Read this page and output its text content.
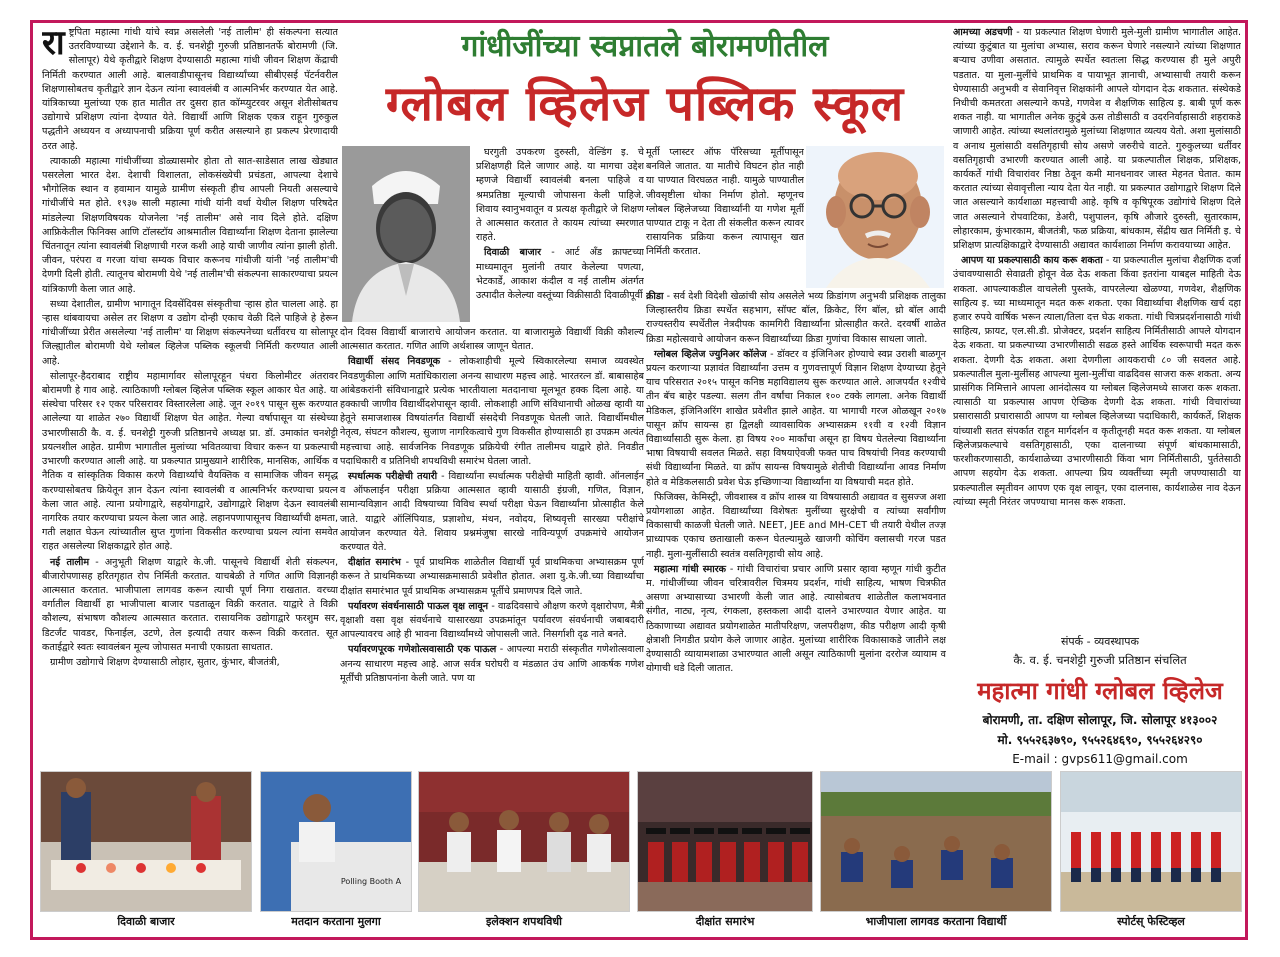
गांधीजींच्या स्वप्नातले बोरामणीतील
ग्लोबल व्हिलेज पब्लिक स्कूल

राष्ट्रपिता महात्मा गांधी यांचे स्वप्न असलेली 'नई तालीम' ही संकल्पना सत्यात उतरविण्याच्या उद्देशाने कै. व. ई. चनशेट्टी गुरुजी प्रतिष्ठानतर्फे बोरामणी (जि. सोलापूर) येथे कृतीद्वारे शिक्षण देण्यासाठी महात्मा गांधी जीवन शिक्षण केंद्राची निर्मिती करण्यात आली आहे. बालवाडीपासूनच विद्यार्थ्यांच्या सीबीएसई पॅटर्नवरील शिक्षणासोबतच कृतीद्वारे ज्ञान देऊन त्यांना स्वावलंबी व आत्मनिर्भर करण्यात येत आहे. यांत्रिकाच्या मुलांच्या एक हात मातीत तर दुसरा हात कॉम्प्युटरवर असून शेतीसोबतच उद्योगाचे प्रशिक्षण त्यांना देण्यात येते. विद्यार्थी आणि शिक्षक एकत्र राहून गुरुकुल पद्धतीने अध्ययन व अध्यापनाची प्रक्रिया पूर्ण करीत असल्याने हा प्रकल्प प्रेरणादायी ठरत आहे.

त्याकाळी महात्मा गांधीजींच्या डोळ्यासमोर होता तो सात-साडेसात लाख खेड्यात पसरलेला भारत देश. देशाची विशालता, लोकसंख्येची प्रचंडता, आपल्या देशाचे भौगोलिक स्थान व हवामान यामुळे ग्रामीण संस्कृती हीच आपली नियती असल्याचे गांधीजींचे मत होते. १९३७ साली महात्मा गांधी यांनी वर्धा येथील शिक्षण परिषदेत मांडलेल्या शिक्षणविषयक योजनेला 'नई तालीम' असे नाव दिले होते. दक्षिण आफ्रिकेतील फिनिक्स आणि टॉलस्टॉय आश्रमातील विद्यार्थ्यांना शिक्षण देताना झालेल्या चिंतनातून त्यांना स्वावलंबी शिक्षणाची गरज कशी आहे याची जाणीव त्यांना झाली होती. जीवन, परंपरा व गरजा यांचा सम्यक विचार करूनच गांधीजी यांनी 'नई तालीम'ची देणगी दिली होती. त्यातूनच बोरामणी येथे 'नई तालीम'ची संकल्पना साकारण्याचा प्रयत्न यांत्रिकाणी केला जात आहे.

सध्या देशातील, ग्रामीण भागातून दिवसेंदिवस संस्कृतीचा ऱ्हास होत चालला आहे. हा ऱ्हास थांबवायचा असेल तर शिक्षण व उद्योग दोन्ही एकाच वेळी दिले पाहिजे हे हेरून गांधीजींच्या प्रेरीत असलेल्या 'नई तालीम' या शिक्षण संकल्पनेच्या धर्तीवरच या सोलापूर जिल्ह्यातील बोरामणी येथे ग्लोबल व्हिलेज पब्लिक स्कूलची निर्मिती करण्यात आली आहे.

सोलापूर-हैदराबाद राष्ट्रीय महामार्गावर सोलापूरहून पंधरा किलोमीटर अंतरावर बोरामणी हे गाव आहे. त्याठिकाणी ग्लोबल व्हिलेज पब्लिक स्कूल आकार घेत आहे. या संस्थेचा परिसर १२ एकर परिसरावर विस्तारलेला आहे. जून २०१९ पासून सुरू करण्यात आलेल्या या शाळेत २७० विद्यार्थी शिक्षण घेत आहेत. गेल्या वर्षापासून या संस्थेच्या उभारणीसाठी कै. व. ई. चनशेट्टी गुरुजी प्रतिष्ठानचे अध्यक्ष प्रा. डॉ. उमाकांत चनशेट्टी प्रयत्नशील आहेत. ग्रामीण भागातील मुलांच्या भवितव्याचा विचार करून या प्रकल्पाची उभारणी करण्यात आली आहे. या प्रकल्पात प्रामुख्याने शारीरिक, मानसिक, आर्थिक व नैतिक व सांस्कृतिक विकास करणे विद्यार्थ्यांचे वैयक्तिक व सामाजिक जीवन समृद्ध करण्यासोबतच क्रियेतून ज्ञान देऊन त्यांना स्वावलंबी व आत्मनिर्भर करण्याचा प्रयत्न केला जात आहे. त्याना प्रयोगाद्वारे, सहयोगाद्वारे, उद्योगाद्वारे शिक्षण देऊन स्वावलंबी नागरिक तयार करण्याचा प्रयत्न केला जात आहे. लहानपणापासूनच विद्यार्थ्यांची क्षमता, गती लक्षात घेऊन त्यांच्यातील सुप्त गुणांना विकसीत करण्याचा प्रयत्न त्यांना समवेत राहत असलेल्या शिक्षकाद्वारे होत आहे.

नई तालीम - अनुभूती शिक्षण याद्वारे के.जी. पासूनचे विद्यार्थी शेती संकल्पन, बीजारोपणासह हरितगृहात रोप निर्मिती करतात. याचबेळी ते गणित आणि विज्ञानही आत्मसात करतात. भाजीपाला लागवड करून त्याची पूर्ण निगा राखतात. वरच्या वर्गातील विद्यार्थी हा भाजीपाला बाजार पडताळून विक्री करतात. याद्वारे ते विक्री कौशल्य, संभाषण कौशल्य आत्मसात करतात. रासायनिक उद्योगाद्वारे फरशुम सर, डिटर्जंट पावडर, फिनाईल, उटणे, तेल इत्यादी तयार करून विक्री करतात. सूत कताईद्वारे स्वतः स्वावलंबन मूल्य जोपासत मनाची एकाग्रता साधतात.

ग्रामीण उद्योगाचे शिक्षण देण्यासाठी लोहार, सुतार, कुंभार, बीजतंत्री,

घरगुती उपकरण दुरुस्ती, वेल्डिंग इ. चे प्रशिक्षणही दिले जाणार आहे. या मागचा उद्देश म्हणजे विद्यार्थी स्वावलंबी बनला पाहिजे व श्रमप्रतिष्ठा मूल्याची जोपासना केली पाहिजे. शिवाय स्वानुभवातून व प्रत्यक्ष कृतीद्वारे जे शिक्षण ते आत्मसात करतात ते कायम त्यांच्या स्मरणात राहते.

दिवाळी बाजार - आर्ट अँड क्राफ्टच्या माध्यमातून मुलांनी तयार केलेल्या पणत्या, भेटकार्डे, आकाश कंदील व नई तालीम अंतर्गत उत्पादीत केलेल्या वस्तूंच्या विक्रीसाठी दिवाळीपूर्वी

दोन दिवस विद्यार्थी बाजाराचे आयोजन करतात. या बाजारामुळे विद्यार्थी विक्री कौशल्य आत्मसात करतात. गणित आणि अर्थशास्त्र जाणून घेतात.

विद्यार्थी संसद निवडणूक - लोकशाहीची मूल्ये स्विकारलेल्या समाज व्यवस्थेत निवडणुकीला आणि मतांधिकाराला अनन्य साधारण महत्त्व आहे. भारतरत्न डॉ. बाबासाहेब आंबेडकरांनी संविधानाद्वारे प्रत्येक भारतीयाला मतदानाचा मूलभूत हक्क दिला आहे. या हक्काची जाणीव विद्यार्थीदशेपासून व्हावी. लोकशाही आणि संविधानाची ओळख व्हावी या हेतूने समाजशास्त्र विषयांतर्गत विद्यार्थी संसदेची निवडणूक घेतली जाते. विद्यार्थीमधील नेतृत्व, संघटन कौशल्य, सुजाण नागरिकत्वाचे गुण विकसीत होण्यासाठी हा उपक्रम अत्यंत महत्त्वाचा आहे. सार्वजनिक निवडणूक प्रक्रियेची रंगीत तालीमच याद्वारे होते. निवडीत पदाधिकारी व प्रतिनिधी शपथविधी समारंभ घेतला जातो.

स्पर्धात्मक परीक्षेची तयारी - विद्यार्थ्यांना स्पर्धात्मक परीक्षेची माहिती व्हावी. ऑनलाईन व ऑफलाईन परीक्षा प्रक्रिया आत्मसात व्हावी यासाठी इंग्रजी, गणित, विज्ञान, सामान्यविज्ञान आदी विषयाच्या विविध स्पर्धा परीक्षा घेऊन विद्यार्थ्यांना प्रोत्साहीत केले जाते. याद्वारे ऑलिंपियाड, प्रज्ञाशोध, मंथन, नवोदय, शिष्यवृत्ती सारख्या परीक्षांचे आयोजन करण्यात येते. शिवाय प्रश्नमंजुषा सारखे नाविन्यपूर्ण उपक्रमांचे आयोजन करण्यात येते.

दीक्षांत समारंभ - पूर्व प्राथमिक शाळेतील विद्यार्थी पूर्व प्राथमिकचा अभ्यासक्रम पूर्ण करून ते प्राथमिकच्या अभ्यासक्रमासाठी प्रवेशीत होतात. अशा यु.के.जी.च्या विद्यार्थ्यांचा दीक्षांत समारंभात पूर्व प्राथमिक अभ्यासक्रम पूर्तीचे प्रमाणपत्र दिले जाते.

पर्यावरण संवर्धनासाठी पाऊल वृक्ष लावून - वाढदिवसाचे औक्षण करणे वृक्षारोपण, मैत्री वृक्षाशी वसा वृक्ष संवर्धनाचे यासारख्या उपक्रमांतून पर्यावरण संवर्धनाची जबाबदारी आपल्यावरच आहे ही भावना विद्यार्थ्यांमध्ये जोपासली जाते. निसर्गाशी दृढ नाते बनते.

पर्यावरणपूरक गणेशोत्सवासाठी एक पाऊल - आपल्या मराठी संस्कृतीत गणेशोत्सवाला अनन्य साधारण महत्त्व आहे. आज सर्वत्र घरोघरी व मंडळात उंच आणि आकर्षक गणेश मूर्तींची प्रतिष्ठापनांना केली जाते. पण या

मूर्ती प्लास्टर ऑफ पॅरिसच्या मूर्तीपासून बनविले जातात. या मातीचे विघटन होत नाही या पाण्यात विरघळत नाही. यामुळे पाण्यातील जीवसृष्टीला धोका निर्माण होतो. म्हणूनच ग्लोबल व्हिलेजच्या विद्यार्थ्यांनी या गणेश मूर्ती पाण्यात टाकू न देता ती संकलीत करून त्यावर रासायनिक प्रक्रिया करून त्यापासून खत निर्मिती करतात.

क्रीडा - सर्व देशी विदेशी खेळांची सोय असलेले भव्य क्रिडांगण अनुभवी प्रशिक्षक तालुका जिल्हास्तरीय क्रिडा स्पर्धेत सहभाग, सॉफ्ट बॉल, क्रिकेट, रिंग बॉल, थ्रो बॉल आदी राज्यस्तरीय स्पर्धेतील नेत्रदीपक कामगिरी विद्यार्थ्यांना प्रोत्साहीत करते. दरवर्षी शाळेत क्रिडा महोत्सवाचे आयोजन करून विद्यार्थ्यांच्या क्रिडा गुणांचा विकास साधला जातो.

ग्लोबल व्हिलेज ज्युनिअर कॉलेज - डॉक्टर व इंजिनिअर होण्याचे स्वप्न उराशी बाळगून प्रयत्न करणाऱ्या प्रज्ञावंत विद्यार्थ्यांना उत्तम व गुणवत्तापूर्ण विज्ञान शिक्षण देण्याच्या हेतूने याच परिसरात २०१५ पासून कनिष्ठ महाविद्यालय सुरू करण्यात आले. आजपर्यंत १२वीचे तीन बॅच बाहेर पडल्या. सलग तीन वर्षांचा निकाल १०० टक्के लागला. अनेक विद्यार्थी मेडिकल, इंजिनिअरिंग शाखेत प्रवेशीत झाले आहेत. या भागाची गरज ओळखून २०१७ पासून क्रॉप सायन्स हा द्विलक्षी व्यावसायिक अभ्यासक्रम ११वी व १२वी विज्ञान विद्यार्थ्यांसाठी सुरू केला. हा विषय २०० मार्कांचा असून हा विषय घेतलेल्या विद्यार्थ्यांना भाषा विषयाची सवलत मिळते. सहा विषयाऐवजी फक्त पाच विषयांची निवड करण्याची संधी विद्यार्थ्यांना मिळते. या क्रॉप सायन्स विषयामुळे शेतीची विद्यार्थ्यांना आवड निर्माण होते व मेडिकलसाठी प्रवेश घेऊ इच्छिणाऱ्या विद्यार्थ्यांना या विषयाची मदत होते.

फिजिक्स, केमिस्ट्री, जीवशास्त्र व क्रॉप शास्त्र या विषयासाठी अद्यावत व सुसज्ज अशा प्रयोगशाळा आहेत. विद्यार्थ्यांच्या विशेषतः मुलींच्या सुरक्षेची व त्यांच्या सर्वांगीण विकासाची काळजी घेतली जाते. NEET, JEE and MH-CET ची तयारी येथील तज्ज्ञ प्राध्यापक एकाच छताखाली करून घेतल्यामुळे खाजगी कोचिंग क्लासची गरज पडत नाही. मुला-मुलींसाठी स्वतंत्र वसतिगृहाची सोय आहे.

महात्मा गांधी स्मारक - गांधी विचारांचा प्रचार आणि प्रसार व्हावा म्हणून गांधी कुटीत म. गांधीजींच्या जीवन चरित्रावरील चित्रमय प्रदर्शन, गांधी साहित्य, भाषण चित्रफीत असणा अभ्यासाच्या उभारणी केली जात आहे. त्यासोबतच शाळेतील कलाभवनात संगीत, नाट्य, नृत्य, रंगकला, हस्तकला आदी दालने उभारण्यात येणार आहेत. या ठिकाणाच्या अद्यावत प्रयोगशाळेत मातीपरिक्षण, जलपरीक्षण, कीड परीक्षण आदी कृषी क्षेत्राशी निगडीत प्रयोग केले जाणार आहेत. मुलांच्या शारीरिक विकासाकडे जातीने लक्ष देण्यासाठी व्यायामशाळा उभारण्यात आली असून त्याठिकाणी मुलांना दररोज व्यायाम व योगाची धडे दिली जातात.

आमच्या अडचणी - या प्रकल्पात शिक्षण घेणारी मुले-मुली ग्रामीण भागातील आहेत. त्यांच्या कुटुंबात या मुलांचा अभ्यास, सराव करून घेणारे नसल्याने त्यांच्या शिक्षणात बऱ्याच उणीवा असतात. त्यामुळे स्पर्धेत स्वतःला सिद्ध करण्यास ही मुले अपुरी पडतात. या मुला-मुलींचे प्राथमिक व पायाभूत ज्ञानाची, अभ्यासाची तयारी करून घेण्यासाठी अनुभवी व सेवानिवृत्त शिक्षकांनी आपले योगदान देऊ शकतात. संस्थेकडे निधीची कमतरता असल्याने कपडे, गणवेश व शैक्षणिक साहित्य इ. बाबी पूर्ण करू शकत नाही. या भागातील अनेक कुटुंबे ऊस तोडीसाठी व उदरनिर्वाहासाठी शहराकडे जाणारी आहेत. त्यांच्या स्थलांतरामुळे मुलांच्या शिक्षणात व्यत्यय येतो. अशा मुलांसाठी व अनाथ मुलांसाठी वसतिगृहाची सोय असणे जरुरीचे वाटते. गुरुकुलच्या धर्तीवर वसतिगृहाची उभारणी करण्यात आली आहे. या प्रकल्पातील शिक्षक, प्रशिक्षक, कार्यकर्ते गांधी विचारांवर निष्ठा ठेवून कमी मानधनावर जास्त मेहनत घेतात. काम करतात त्यांच्या सेवावृत्तीला न्याय देता येत नाही. या प्रकल्पात उद्योगाद्वारे शिक्षण दिले जात असल्याने कार्यशाळा महत्त्वाची आहे. कृषि व कृषिपूरक उद्योगांचे शिक्षण दिले जात असल्याने रोपवाटिका, डेअरी, पशुपालन, कृषि औजारे दुरुस्ती, सुतारकाम, लोहारकाम, कुंभारकाम, बीजतंत्री, फळ प्रक्रिया, बांधकाम, सेंद्रीय खत निर्मिती इ. चे प्रशिक्षण प्रात्यक्षिकाद्वारे देण्यासाठी अद्यावत कार्यशाळा निर्माण करावयाच्या आहेत.

आपण या प्रकल्पासाठी काय करू शकता - या प्रकल्पातील मुलांचा शैक्षणिक दर्जा उंचावण्यासाठी सेवाव्रती होवून वेळ देऊ शकता किंवा इतरांना याबद्दल माहिती देऊ शकता. आपल्याकडील वाचलेली पुस्तके, वापरलेल्या खेळण्या, गणवेश, शैक्षणिक साहित्य इ. च्या माध्यमातून मदत करू शकता. एका विद्यार्थ्याचा शैक्षणिक खर्च दहा हजार रुपये वार्षिक भरून त्याला/तिला दत्त घेऊ शकता. गांधी चित्रप्रदर्शनासाठी गांधी साहित्य, फ्रायट, एल.सी.डी. प्रोजेक्टर, प्रदर्शन साहित्य निर्मितीसाठी आपले योगदान देऊ शकता. या प्रकल्पाच्या उभारणीसाठी सढळ हस्ते आर्थिक स्वरूपाची मदत करू शकता. देणगी देऊ शकता. अशा देणगीला आयकराची ८० जी सवलत आहे. प्रकल्पातील मुला-मुलींसह आपल्या मुला-मुलींचा वाढदिवस साजरा करू शकता. अन्य प्रासंगिक निमित्ताने आपला आनंदोत्सव या ग्लोबल व्हिलेजमध्ये साजरा करू शकता. त्यासाठी या प्रकल्पास आपण ऐच्छिक देणगी देऊ शकता. गांधी विचारांच्या प्रसारासाठी प्रचारासाठी आपण या ग्लोबल व्हिलेजच्या पदाधिकारी, कार्यकर्ते, शिक्षक यांच्याशी सतत संपर्कात राहून मार्गदर्शन व कृतीतूनही मदत करू शकता. या ग्लोबल व्हिलेजप्रकल्पाचे वसतिगृहासाठी, एका दालनाच्या संपूर्ण बांधकामासाठी, फरशीकरणासाठी, कार्यशाळेच्या उभारणीसाठी किंवा भाग निर्मितीसाठी, पुर्ततेसाठी आपण सहयोग देऊ शकता. आपल्या प्रिय व्यक्तींच्या स्मृती जपण्यासाठी या प्रकल्पातील स्मृतीवन आपण एक वृक्ष लावून, एका दालनास, कार्यशाळेस नाव देऊन त्यांच्या स्मृती निरंतर जपण्याचा मानस करू शकता.

संपर्क - व्यवस्थापक
कै. व. ई. चनशेट्टी गुरुजी प्रतिष्ठान संचलित
महात्मा गांधी ग्लोबल व्हिलेज
बोरामणी, ता. दक्षिण सोलापूर, जि. सोलापूर ४१३००२
मो. ९५५२६३७९०, ९५५२६४६९०, ९५५२६४२९०
E-mail : gvps611@gmail.com
Polling Booth A
दिवाळी बाजार	मतदान करताना मुलगा	इलेक्शन शपथविधी	दीक्षांत समारंभ	भाजीपाला लागवड करताना विद्यार्थी	स्पोर्टस् फेस्टिव्हल
